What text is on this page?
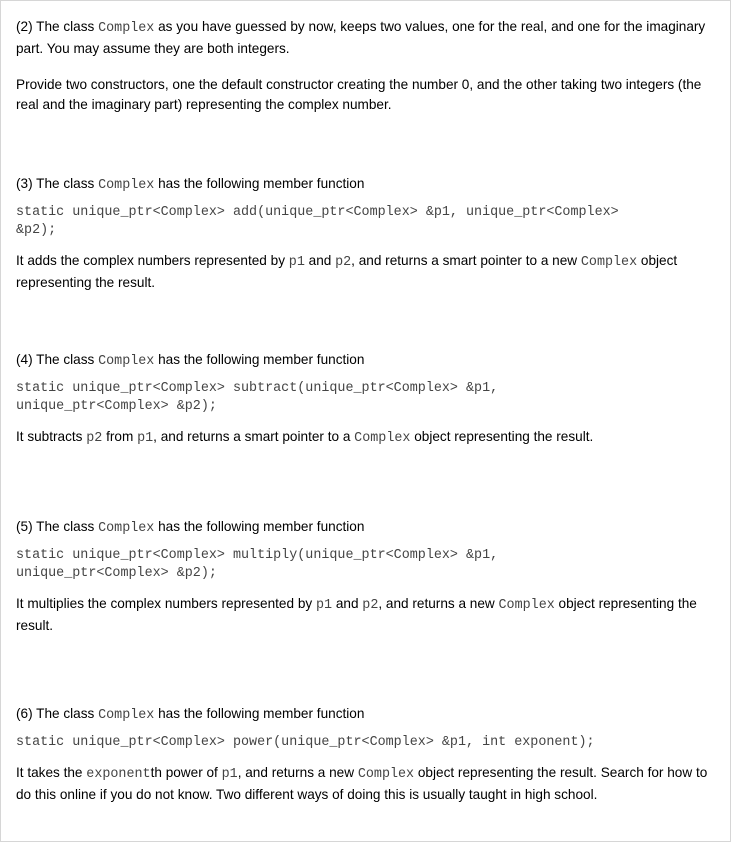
(2) The class Complex as you have guessed by now, keeps two values, one for the real, and one for the imaginary part. You may assume they are both integers.

Provide two constructors, one the default constructor creating the number 0, and the other taking two integers (the real and the imaginary part) representing the complex number.

(3) The class Complex has the following member function

static unique_ptr<Complex> add(unique_ptr<Complex> &p1, unique_ptr<Complex>
&p2);

It adds the complex numbers represented by p1 and p2, and returns a smart pointer to a new Complex object representing the result.

(4) The class Complex has the following member function

static unique_ptr<Complex> subtract(unique_ptr<Complex> &p1,
unique_ptr<Complex> &p2);

It subtracts p2 from p1, and returns a smart pointer to a Complex object representing the result.

(5) The class Complex has the following member function

static unique_ptr<Complex> multiply(unique_ptr<Complex> &p1,
unique_ptr<Complex> &p2);

It multiplies the complex numbers represented by p1 and p2, and returns a new Complex object representing the result.

(6) The class Complex has the following member function

static unique_ptr<Complex> power(unique_ptr<Complex> &p1, int exponent);

It takes the exponentth power of p1, and returns a new Complex object representing the result. Search for how to do this online if you do not know. Two different ways of doing this is usually taught in high school.
